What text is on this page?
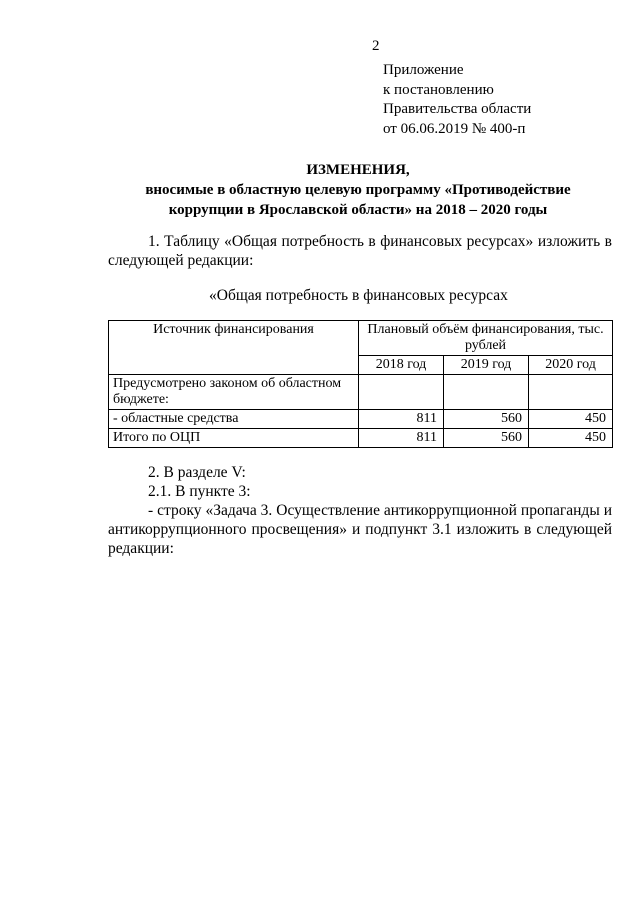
2
Приложение
к постановлению
Правительства области
от 06.06.2019 № 400-п
ИЗМЕНЕНИЯ,
вносимые в областную целевую программу «Противодействие
коррупции в Ярославской области» на 2018 – 2020 годы
1. Таблицу «Общая потребность в финансовых ресурсах» изложить в следующей редакции:
«Общая потребность в финансовых ресурсах
Источник финансирования	Плановый объём финансирования, тыс. рублей		
	2018 год	2019 год	2020 год
Предусмотрено законом об областном бюджете:			
- областные средства	811	560	450
Итого по ОЦП	811	560	450
2. В разделе V:
2.1. В пункте 3:
- строку «Задача 3. Осуществление антикоррупционной пропаганды и антикоррупционного просвещения» и подпункт 3.1 изложить в следующей редакции:
